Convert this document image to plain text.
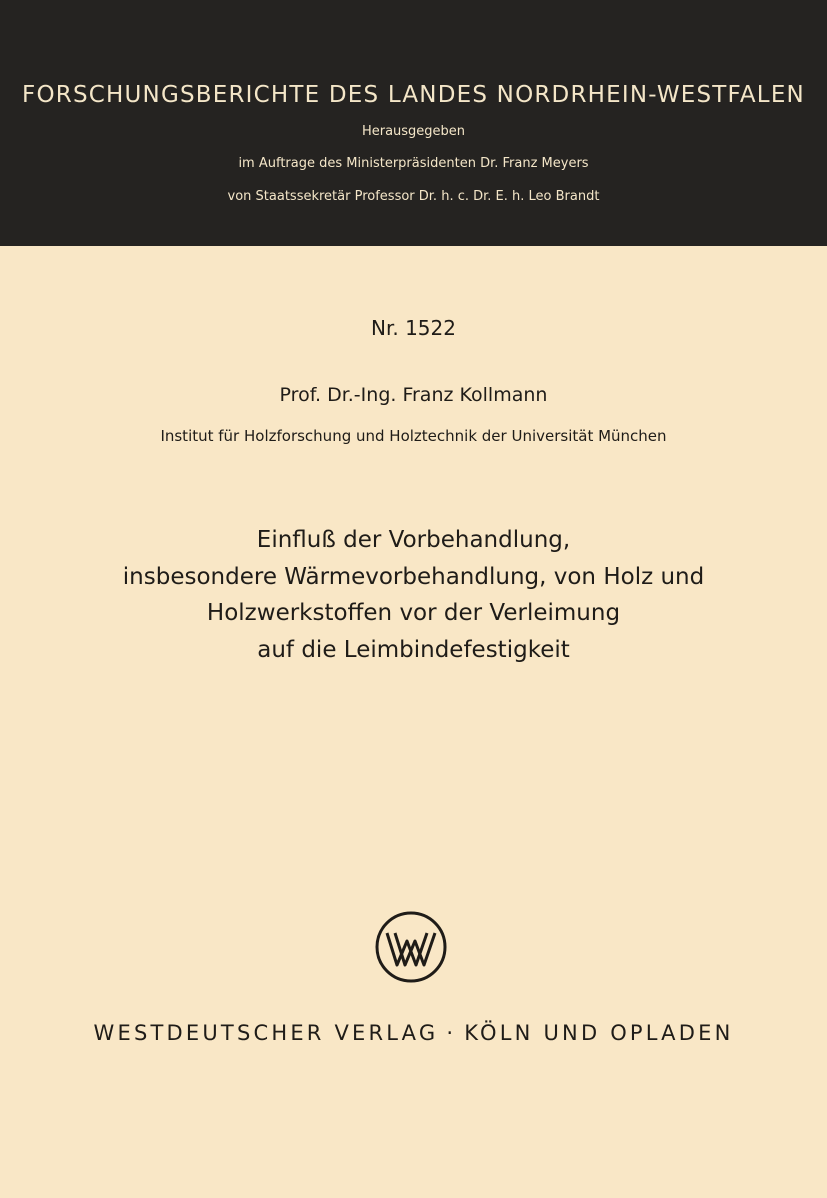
FORSCHUNGSBERICHTE DES LANDES NORDRHEIN-WESTFALEN
Herausgegeben
im Auftrage des Ministerpräsidenten Dr. Franz Meyers
von Staatssekretär Professor Dr. h. c. Dr. E. h. Leo Brandt
Nr. 1522
Prof. Dr.-Ing. Franz Kollmann
Institut für Holzforschung und Holztechnik der Universität München
Einfluß der Vorbehandlung,
insbesondere Wärmevorbehandlung, von Holz und
Holzwerkstoffen vor der Verleimung
auf die Leimbindefestigkeit
WESTDEUTSCHER VERLAG · KÖLN UND OPLADEN
